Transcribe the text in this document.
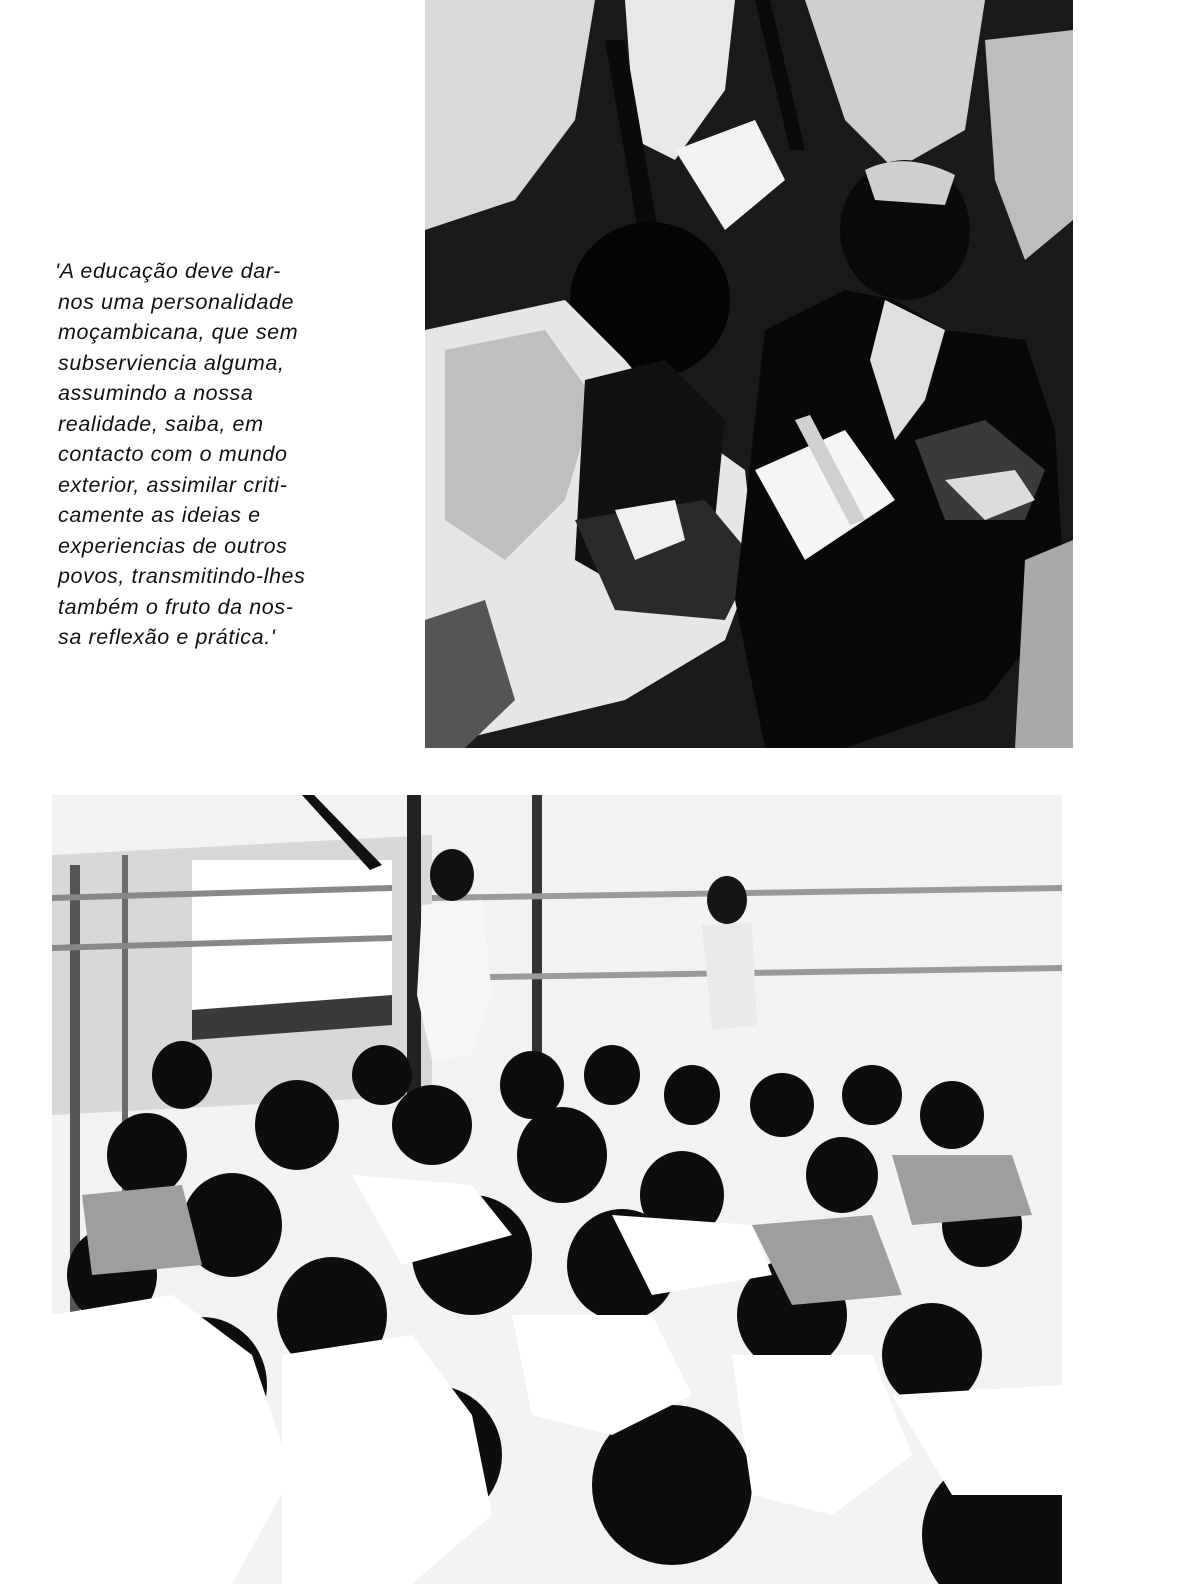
'A educação deve dar-
nos uma personalidade
moçambicana, que sem
subserviencia alguma,
assumindo a nossa
realidade, saiba, em
contacto com o mundo
exterior, assimilar criti-
camente as ideias e
experiencias de outros
povos, transmitindo-lhes
também o fruto da nos-
sa reflexão e prática.'
